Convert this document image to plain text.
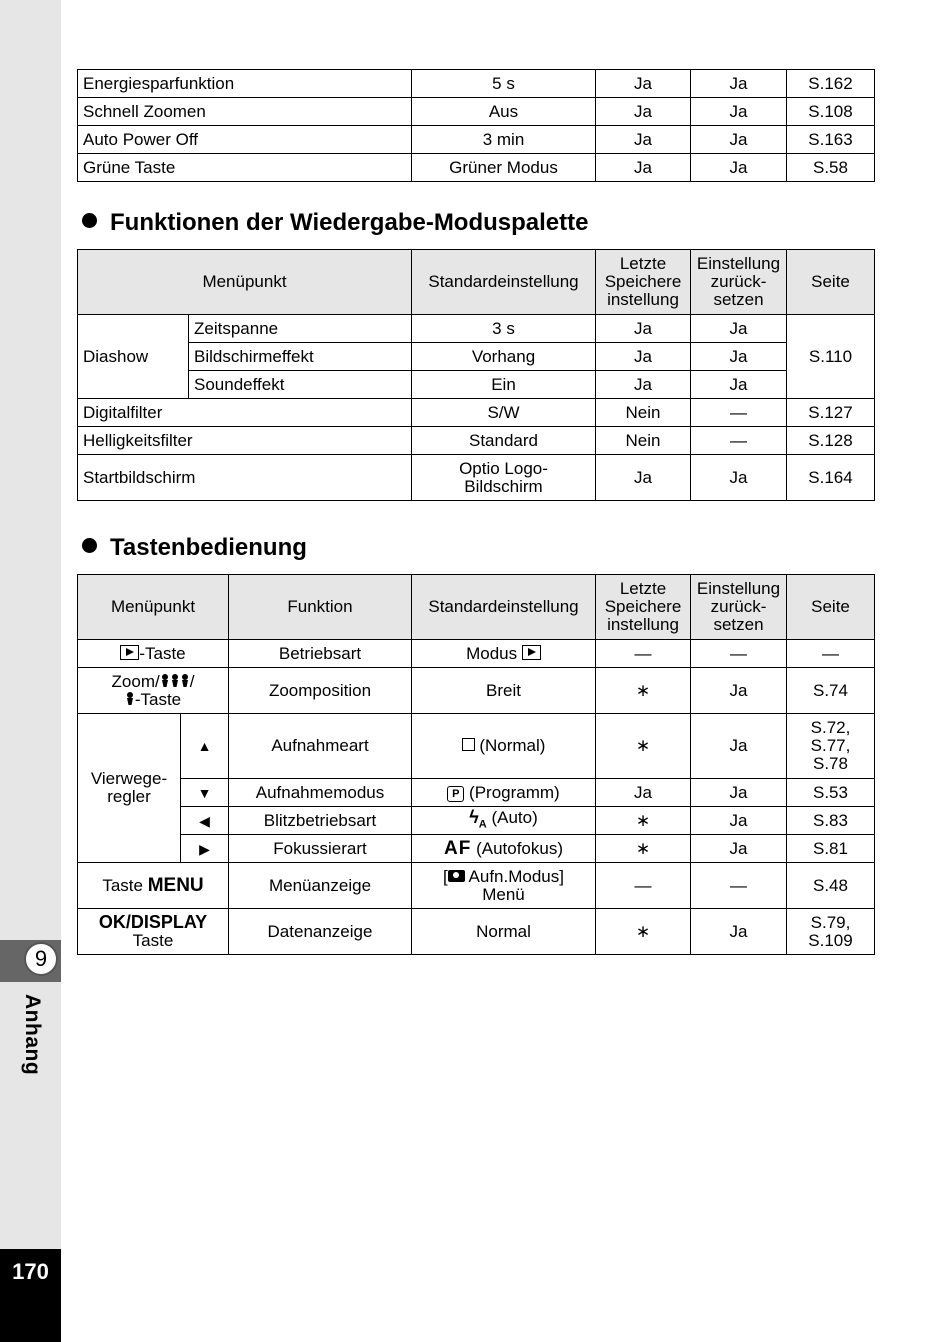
9
Anhang
170
Energiesparfunktion	5 s	Ja	Ja	S.162
Schnell Zoomen	Aus	Ja	Ja	S.108
Auto Power Off	3 min	Ja	Ja	S.163
Grüne Taste	Grüner Modus	Ja	Ja	S.58
Funktionen der Wiedergabe-Moduspalette
Menüpunkt		Standardeinstellung	Letzte
Speichere
instellung	Einstellung
zurück-
setzen	Seite
Diashow	Zeitspanne	3 s	Ja	Ja	S.110
	Bildschirmeffekt	Vorhang	Ja	Ja	
	Soundeffekt	Ein	Ja	Ja	
Digitalfilter		S/W	Nein	—	S.127
Helligkeitsfilter		Standard	Nein	—	S.128
Startbildschirm		Optio Logo-
Bildschirm	Ja	Ja	S.164
Tastenbedienung
Menüpunkt		Funktion	Standardeinstellung	Letzte
Speichere
instellung	Einstellung
zurück-
setzen	Seite
-Taste		Betriebsart	Modus	—	—	—
Zoom/ /
-Taste		Zoomposition	Breit	∗	Ja	S.74
Vierwege-
regler	▲	Aufnahmeart	(Normal)	∗	Ja	S.72,
S.77,
S.78
	▼	Aufnahmemodus	P (Programm)	Ja	Ja	S.53
	◀	Blitzbetriebsart	$ϟ_A$ (Auto)	∗	Ja	S.83
	▶	Fokussierart	AF (Autofokus)	∗	Ja	S.81
Taste MENU		Menüanzeige	[ Aufn.Modus]
Menü	—	—	S.48
OK/DISPLAY
Taste		Datenanzeige	Normal	∗	Ja	S.79,
S.109
